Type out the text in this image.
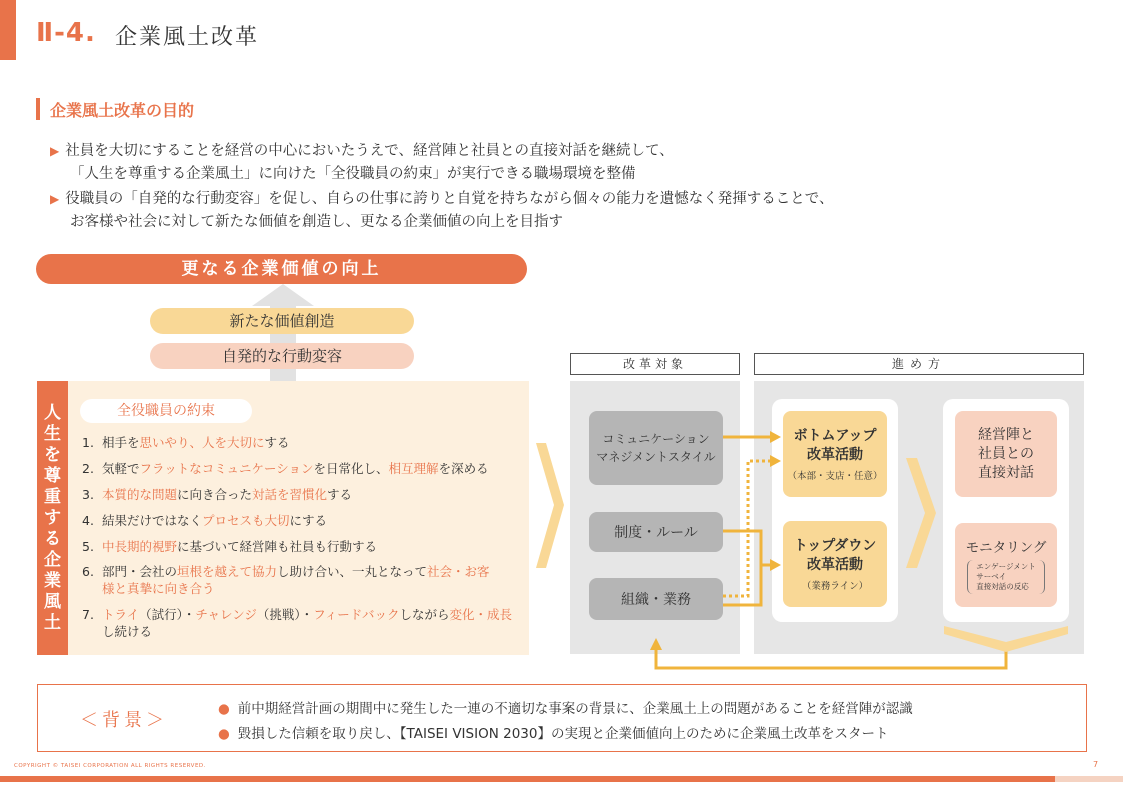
Ⅱ-4. 企業風土改革
企業風土改革の目的
▶ 社員を大切にすることを経営の中心においたうえで、経営陣と社員との直接対話を継続して、
「人生を尊重する企業風土」に向けた「全役職員の約束」が実行できる職場環境を整備
▶ 役職員の「自発的な行動変容」を促し、自らの仕事に誇りと自覚を持ちながら個々の能力を遺憾なく発揮することで、
お客様や社会に対して新たな価値を創造し、更なる企業価値の向上を目指す
更なる企業価値の向上
新たな価値創造
自発的な行動変容
人
生
を
尊
重
す
る
企
業
風
土
全役職員の約束
1. 相手を思いやり、人を大切にする
2. 気軽でフラットなコミュニケーションを日常化し、相互理解を深める
3. 本質的な問題に向き合った対話を習慣化する
4. 結果だけではなくプロセスも大切にする
5. 中長期的視野に基づいて経営陣も社員も行動する
6. 部門・会社の垣根を越えて協力し助け合い、一丸となって社会・お客
様と真摯に向き合う
7. トライ（試行）・チャレンジ（挑戦）・フィードバックしながら変化・成長
し続ける
改革対象	進め方
コミュニケーション
マネジメントスタイル
制度・ルール
組織・業務
ボトムアップ
改革活動
（本部・支店・任意）
トップダウン
改革活動
（業務ライン）
経営陣と
社員との
直接対話
モニタリング
エンゲージメント
サーベイ
直接対話の反応
＜背景＞
● 前中期経営計画の期間中に発生した一連の不適切な事案の背景に、企業風土上の問題があることを経営陣が認識
● 毀損した信頼を取り戻し、【TAISEI VISION 2030】の実現と企業価値向上のために企業風土改革をスタート
COPYRIGHT © TAISEI CORPORATION ALL RIGHTS RESERVED.	7
